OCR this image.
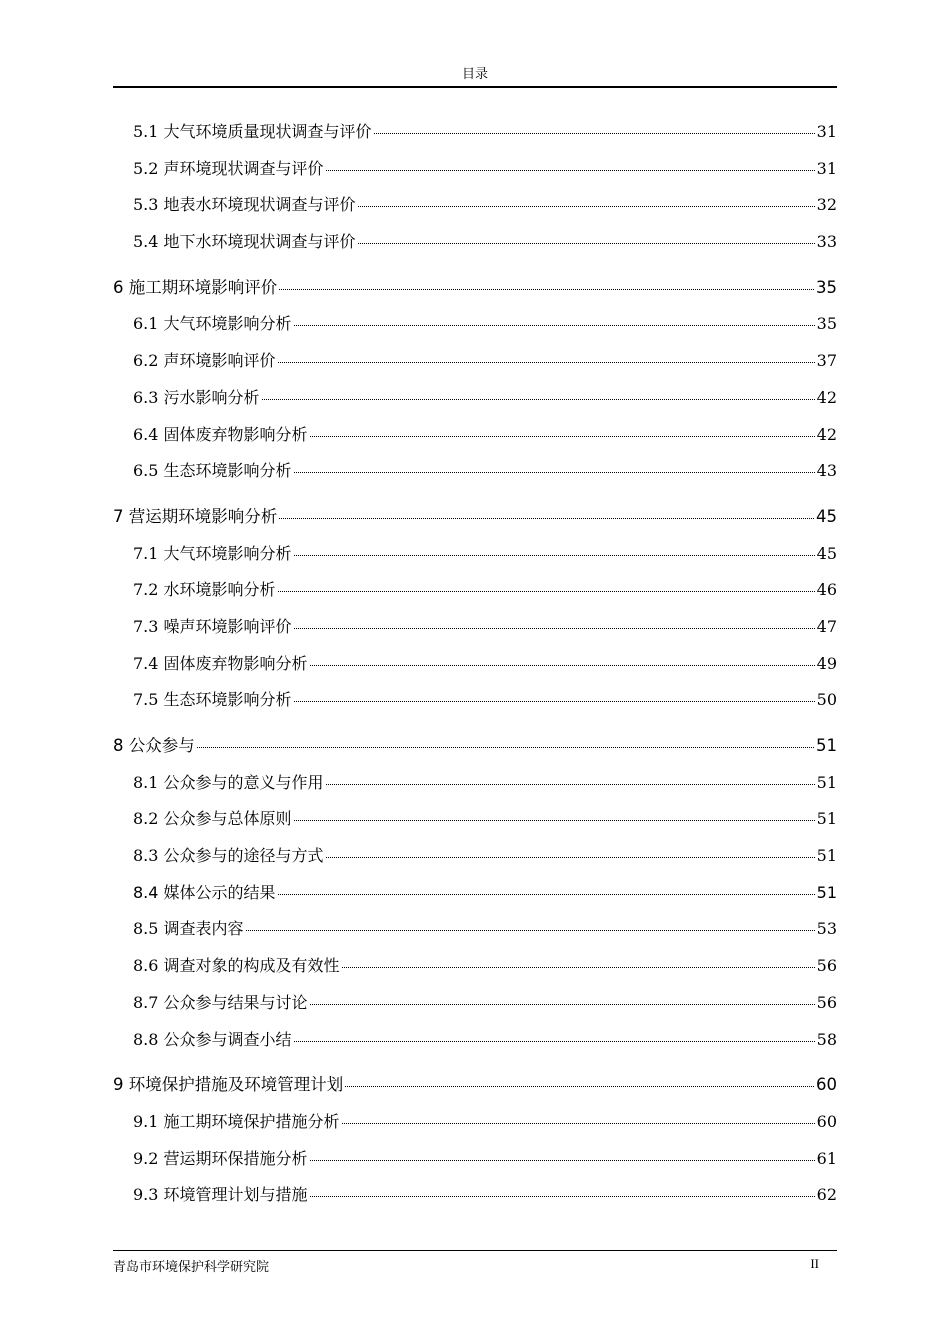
目录
5.1 大气环境质量现状调查与评价	31
5.2 声环境现状调查与评价	31
5.3 地表水环境现状调查与评价	32
5.4 地下水环境现状调查与评价	33
6 施工期环境影响评价	35
6.1 大气环境影响分析	35
6.2 声环境影响评价	37
6.3 污水影响分析	42
6.4 固体废弃物影响分析	42
6.5 生态环境影响分析	43
7 营运期环境影响分析	45
7.1 大气环境影响分析	45
7.2 水环境影响分析	46
7.3 噪声环境影响评价	47
7.4 固体废弃物影响分析	49
7.5 生态环境影响分析	50
8 公众参与	51
8.1 公众参与的意义与作用	51
8.2 公众参与总体原则	51
8.3 公众参与的途径与方式	51
8.4 媒体公示的结果	51
8.5 调查表内容	53
8.6 调查对象的构成及有效性	56
8.7 公众参与结果与讨论	56
8.8 公众参与调查小结	58
9 环境保护措施及环境管理计划	60
9.1 施工期环境保护措施分析	60
9.2 营运期环保措施分析	61
9.3 环境管理计划与措施	62
青岛市环境保护科学研究院	II
